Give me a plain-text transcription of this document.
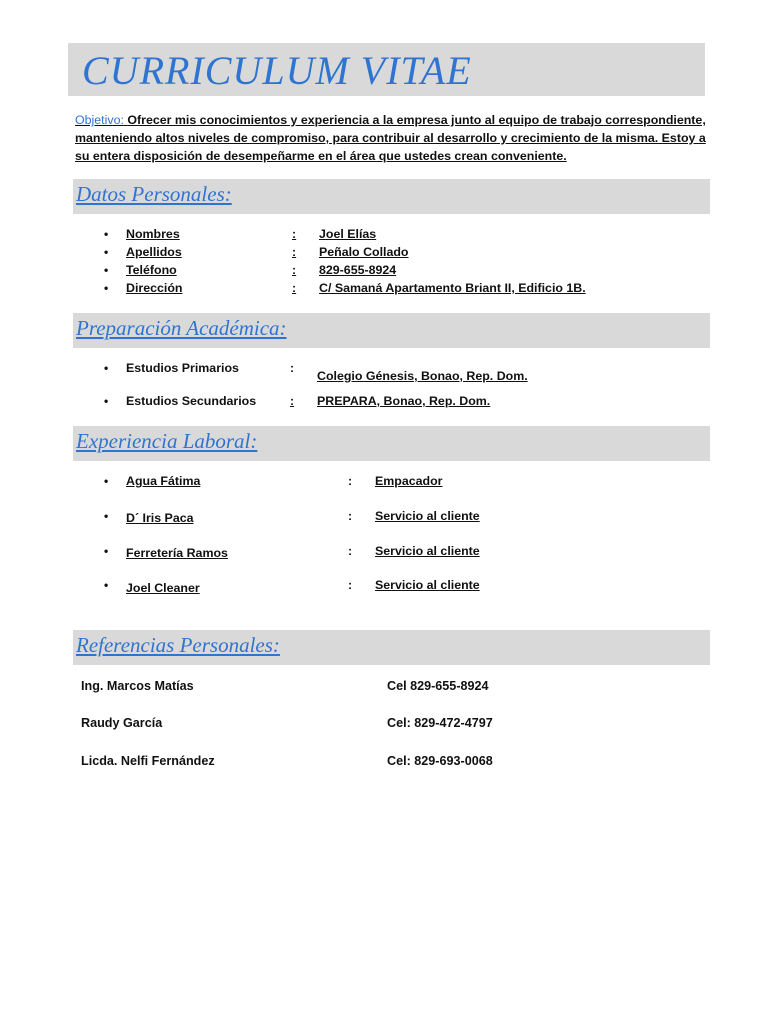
CURRICULUM VITAE

Objetivo: Ofrecer mis conocimientos y experiencia a la empresa junto al equipo de trabajo correspondiente, manteniendo altos niveles de compromiso, para contribuir al desarrollo y crecimiento de la misma. Estoy a su entera disposición de desempeñarme en el área que ustedes crean conveniente.

Datos Personales:
• Nombres	: Joel Elías
• Apellidos	: Peñalo Collado
• Teléfono	: 829-655-8924
• Dirección	: C/ Samaná Apartamento Briant II, Edificio 1B.
Preparación Académica:
• Estudios Primarios	:
Colegio Génesis, Bonao, Rep. Dom.
• Estudios Secundarios	: PREPARA, Bonao, Rep. Dom.
Experiencia Laboral:
• Agua Fátima	: Empacador
• D´ Iris Paca	: Servicio al cliente
• Ferretería Ramos	: Servicio al cliente
• Joel Cleaner	: Servicio al cliente
Referencias Personales:
Ing. Marcos Matías	Cel 829-655-8924
Raudy García	Cel: 829-472-4797
Licda. Nelfi Fernández	Cel: 829-693-0068
